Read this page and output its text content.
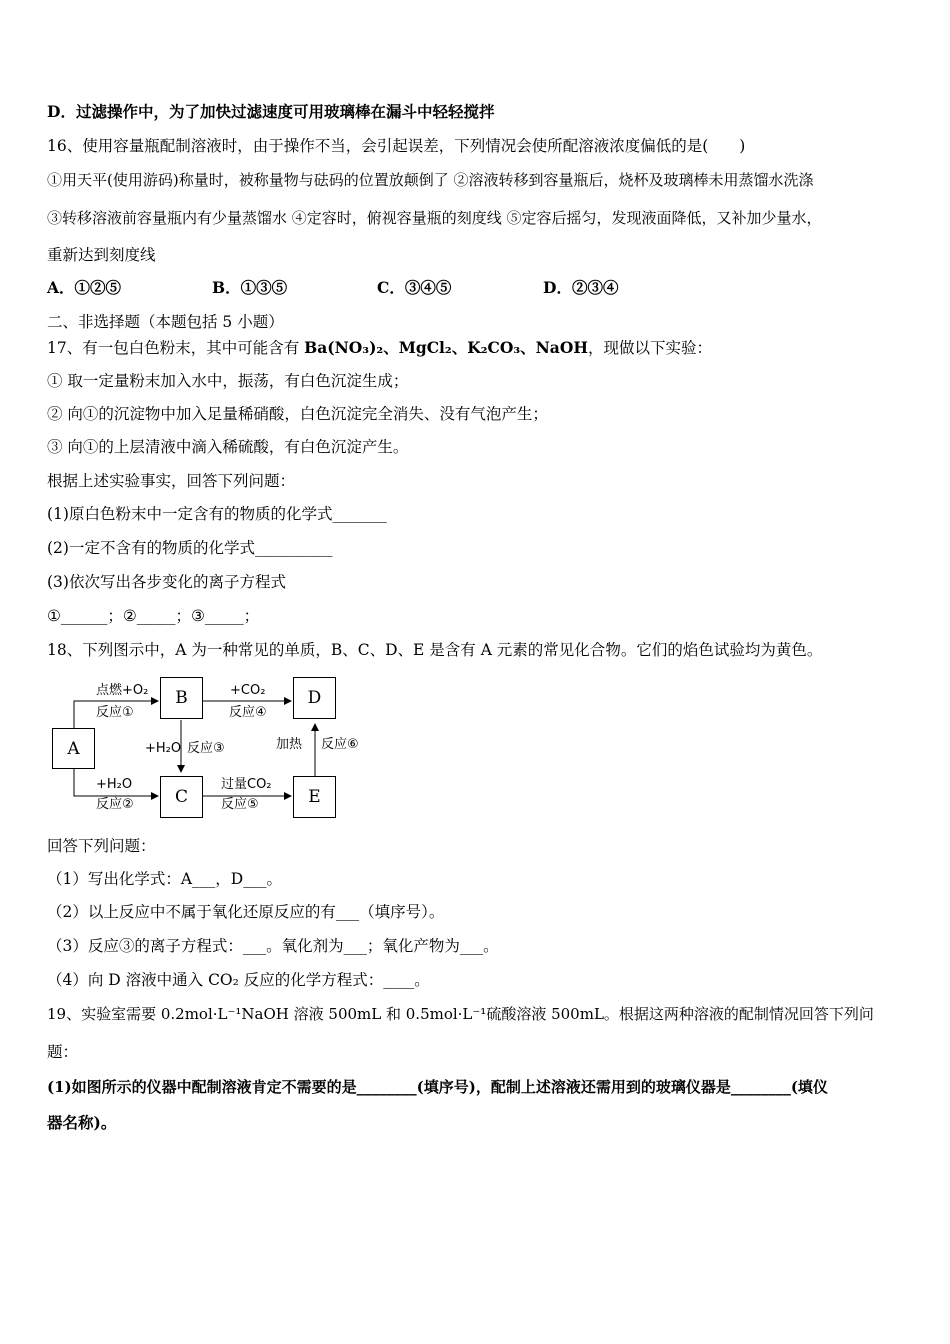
D．过滤操作中，为了加快过滤速度可用玻璃棒在漏斗中轻轻搅拌
16、使用容量瓶配制溶液时，由于操作不当，会引起误差，下列情况会使所配溶液浓度偏低的是(　　)
①用天平(使用游码)称量时，被称量物与砝码的位置放颠倒了 ②溶液转移到容量瓶后，烧杯及玻璃棒未用蒸馏水洗涤
③转移溶液前容量瓶内有少量蒸馏水 ④定容时，俯视容量瓶的刻度线 ⑤定容后摇匀，发现液面降低，又补加少量水，
重新达到刻度线
A．①②⑤	B．①③⑤	C．③④⑤	D．②③④
二、非选择题（本题包括 5 小题）
17、有一包白色粉末，其中可能含有 Ba(NO₃)₂、MgCl₂、K₂CO₃、NaOH，现做以下实验：
① 取一定量粉末加入水中，振荡，有白色沉淀生成；
② 向①的沉淀物中加入足量稀硝酸，白色沉淀完全消失、没有气泡产生；
③ 向①的上层清液中滴入稀硫酸，有白色沉淀产生。
根据上述实验事实，回答下列问题：
(1)原白色粉末中一定含有的物质的化学式_______
(2)一定不含有的物质的化学式__________
(3)依次写出各步变化的离子方程式
①______；②_____；③_____；
18、下列图示中，A 为一种常见的单质，B、C、D、E 是含有 A 元素的常见化合物。它们的焰色试验均为黄色。
A
B	D
C	E
点燃+O₂
反应①
+CO₂
反应④
+H₂O 反应③	加热 反应⑥
+H₂O
反应②
过量CO₂
反应⑤
回答下列问题：
（1）写出化学式：A___，D___。
（2）以上反应中不属于氧化还原反应的有___（填序号）。
（3）反应③的离子方程式：___。氧化剂为___；氧化产物为___。
（4）向 D 溶液中通入 CO₂ 反应的化学方程式：____。
19、实验室需要 0.2mol·L⁻¹NaOH 溶液 500mL 和 0.5mol·L⁻¹硫酸溶液 500mL。根据这两种溶液的配制情况回答下列问
题：
(1)如图所示的仪器中配制溶液肯定不需要的是________(填序号)，配制上述溶液还需用到的玻璃仪器是________(填仪
器名称)。
